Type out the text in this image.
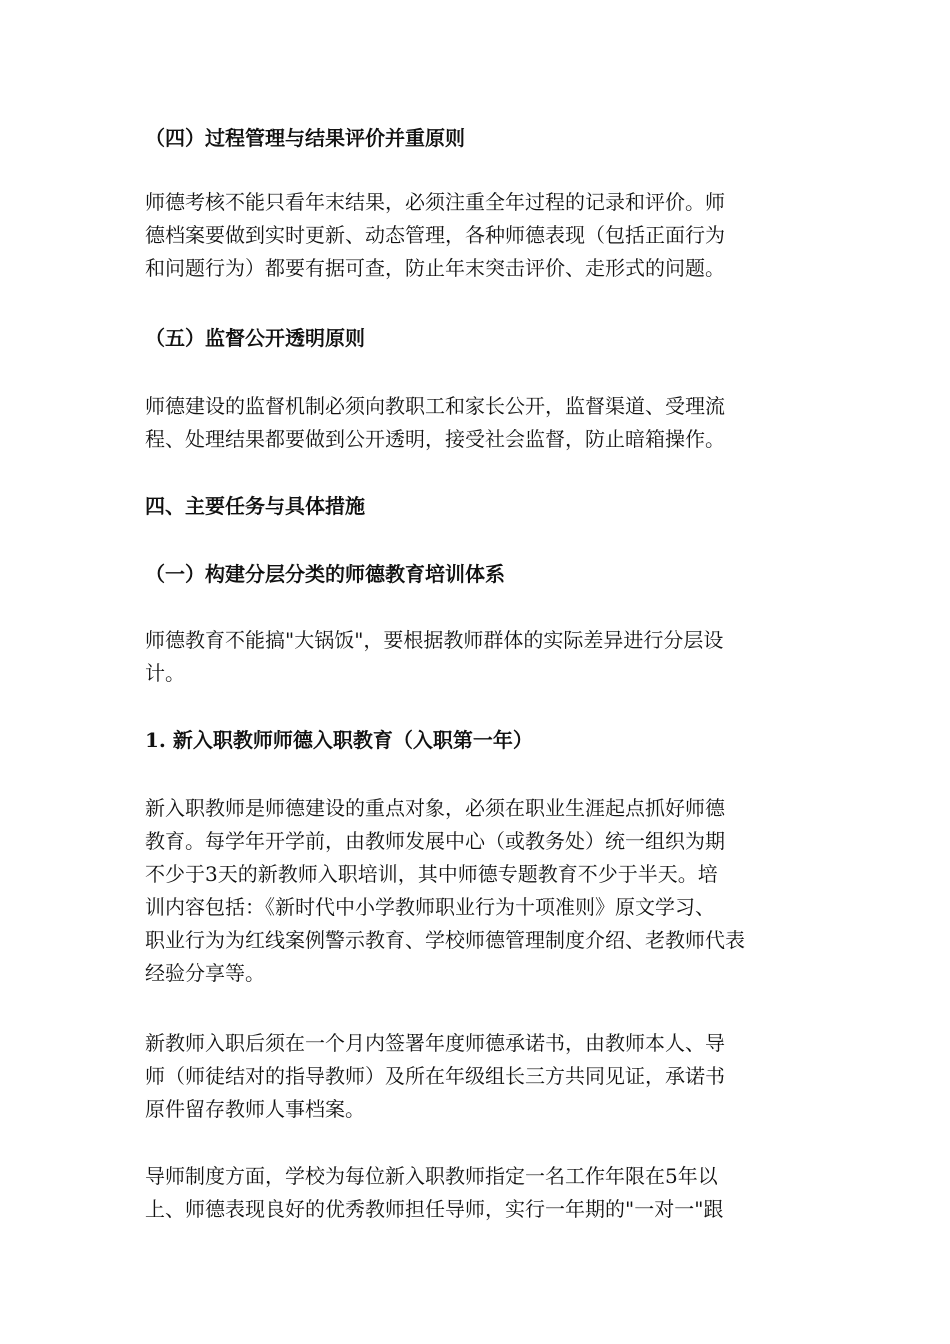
（四）过程管理与结果评价并重原则

师德考核不能只看年末结果，必须注重全年过程的记录和评价。师
德档案要做到实时更新、动态管理，各种师德表现（包括正面行为
和问题行为）都要有据可查，防止年末突击评价、走形式的问题。

（五）监督公开透明原则

师德建设的监督机制必须向教职工和家长公开，监督渠道、受理流
程、处理结果都要做到公开透明，接受社会监督，防止暗箱操作。

四、主要任务与具体措施
（一）构建分层分类的师德教育培训体系

师德教育不能搞"大锅饭"，要根据教师群体的实际差异进行分层设
计。

1. 新入职教师师德入职教育（入职第一年）

新入职教师是师德建设的重点对象，必须在职业生涯起点抓好师德
教育。每学年开学前，由教师发展中心（或教务处）统一组织为期
不少于3天的新教师入职培训，其中师德专题教育不少于半天。培
训内容包括：《新时代中小学教师职业行为十项准则》原文学习、
职业行为为红线案例警示教育、学校师德管理制度介绍、老教师代表
经验分享等。

新教师入职后须在一个月内签署年度师德承诺书，由教师本人、导
师（师徒结对的指导教师）及所在年级组长三方共同见证，承诺书
原件留存教师人事档案。

导师制度方面，学校为每位新入职教师指定一名工作年限在5年以
上、师德表现良好的优秀教师担任导师，实行一年期的"一对一"跟
